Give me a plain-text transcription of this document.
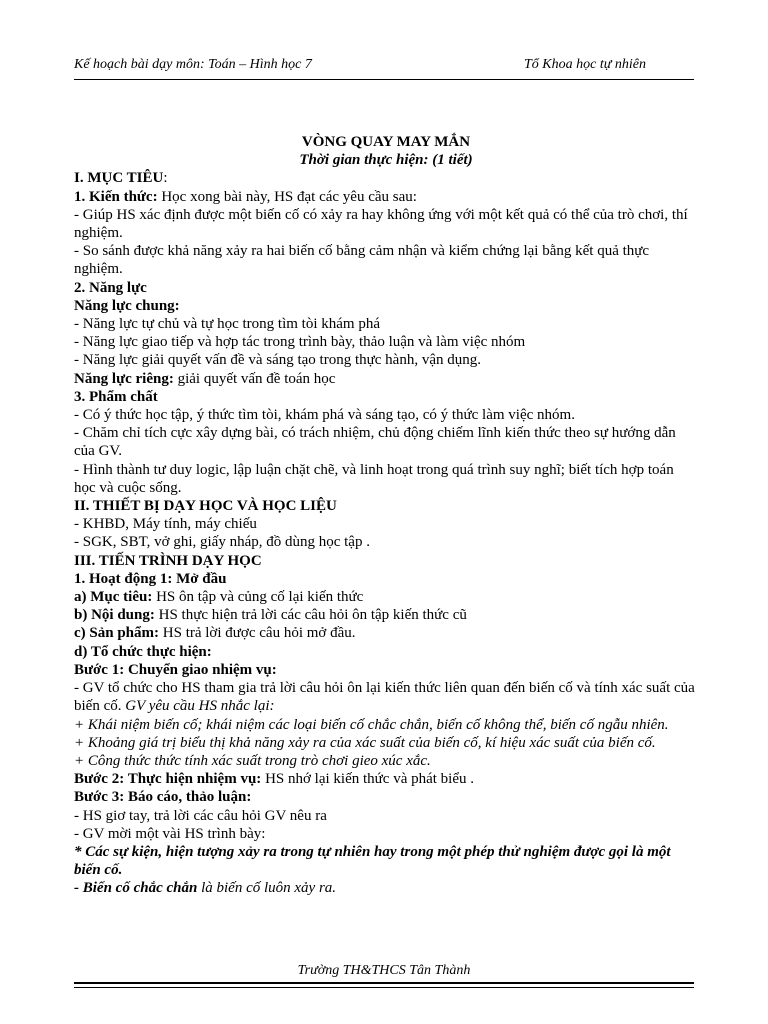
Kế hoạch bài dạy môn: Toán – Hình học 7	Tổ Khoa học tự nhiên

VÒNG QUAY MAY MẮN

Thời gian thực hiện: (1 tiết)

I. MỤC TIÊU:

1. Kiến thức: Học xong bài này, HS đạt các yêu cầu sau:

- Giúp HS xác định được một biến cố có xảy ra hay không ứng với một kết quả có thể của trò chơi, thí nghiệm.

- So sánh được khả năng xảy ra hai biến cố bằng cảm nhận và kiểm chứng lại bằng kết quả thực nghiệm.

2. Năng lực

Năng lực chung:

- Năng lực tự chủ và tự học trong tìm tòi khám phá

- Năng lực giao tiếp và hợp tác trong trình bày, thảo luận và làm việc nhóm

- Năng lực giải quyết vấn đề và sáng tạo trong thực hành, vận dụng.

Năng lực riêng: giải quyết vấn đề toán học

3. Phẩm chất

- Có ý thức học tập, ý thức tìm tòi, khám phá và sáng tạo, có ý thức làm việc nhóm.

- Chăm chỉ tích cực xây dựng bài, có trách nhiệm, chủ động chiếm lĩnh kiến thức theo sự hướng dẫn của GV.

- Hình thành tư duy logic, lập luận chặt chẽ, và linh hoạt trong quá trình suy nghĩ; biết tích hợp toán học và cuộc sống.

II. THIẾT BỊ DẠY HỌC VÀ HỌC LIỆU

- KHBD, Máy tính, máy chiếu

- SGK, SBT, vở ghi, giấy nháp, đồ dùng học tập .

III. TIẾN TRÌNH DẠY HỌC

1. Hoạt động 1: Mở đầu

a) Mục tiêu: HS ôn tập và củng cố lại kiến thức

b) Nội dung: HS thực hiện trả lời các câu hỏi ôn tập kiến thức cũ

c) Sản phẩm: HS trả lời được câu hỏi mở đầu.

d) Tổ chức thực hiện:

Bước 1: Chuyển giao nhiệm vụ:

- GV tổ chức cho HS tham gia trả lời câu hỏi ôn lại kiến thức liên quan đến biến cố và tính xác suất của biến cố. GV yêu cầu HS nhắc lại:

+ Khái niệm biến cố; khái niệm các loại biến cố chắc chắn, biến cố không thể, biến cố ngẫu nhiên.

+ Khoảng giá trị biểu thị khả năng xảy ra của xác suất của biến cố, kí hiệu xác suất của biến cố.

+ Công thức thức tính xác suất trong trò chơi gieo xúc xắc.

Bước 2: Thực hiện nhiệm vụ: HS nhớ lại kiến thức và phát biểu .

Bước 3: Báo cáo, thảo luận:

- HS giơ tay, trả lời các câu hỏi GV nêu ra

- GV mời một vài HS trình bày:

* Các sự kiện, hiện tượng xảy ra trong tự nhiên hay trong một phép thử nghiệm được gọi là một biến cố.

- Biến cố chắc chắn là biến cố luôn xảy ra.

Trường TH&THCS Tân Thành
